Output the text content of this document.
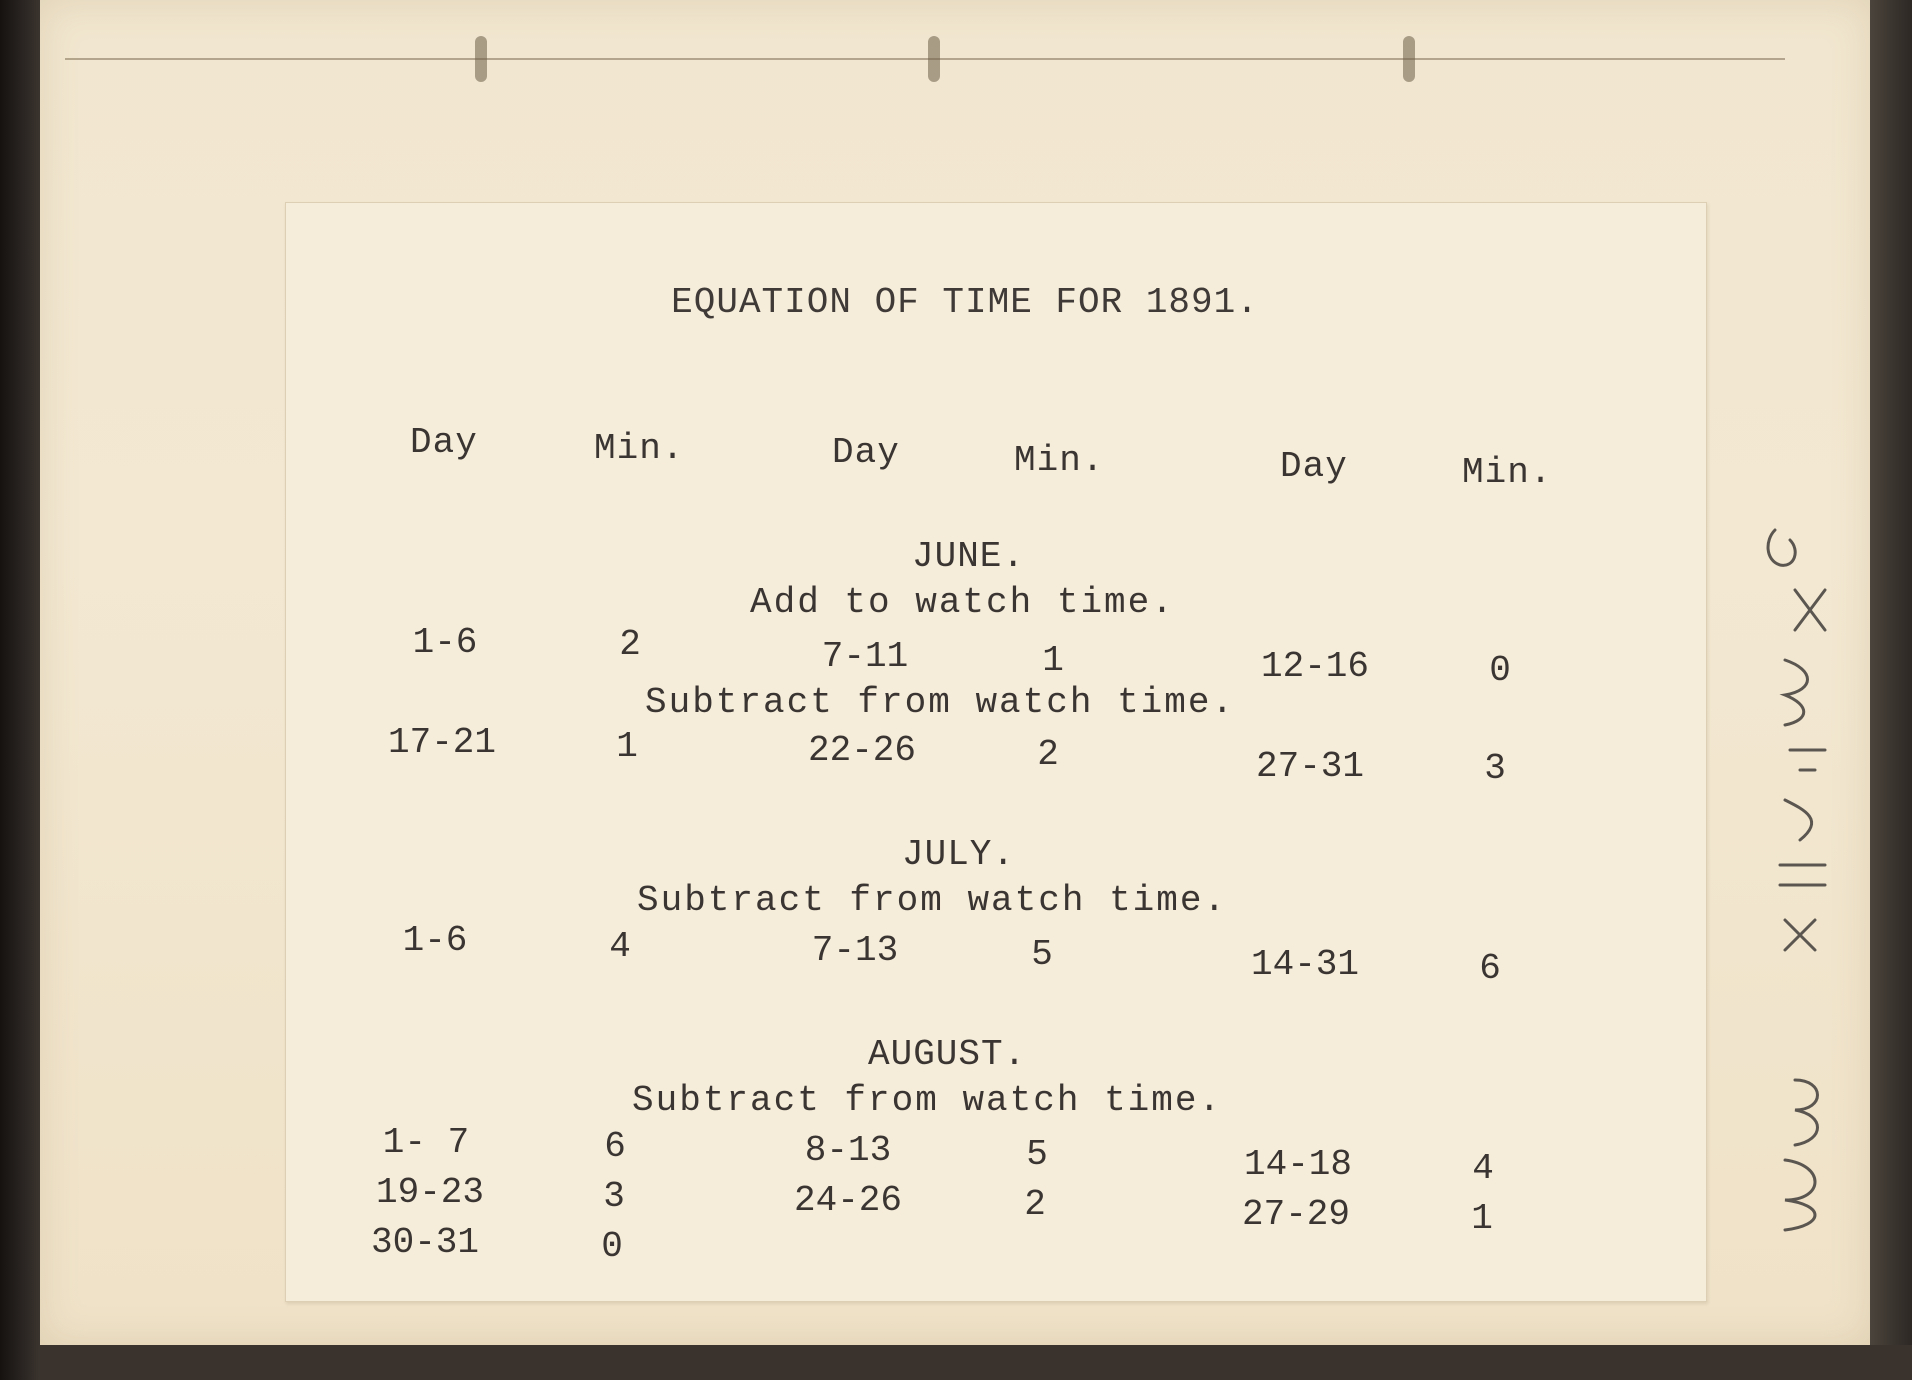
EQUATION OF TIME FOR 1891.
Day	Min.	Day	Min.	Day	Min.
JUNE.
Add to watch time.
1-6	2	7-11	1	12-16	0
Subtract from watch time.
17-21	1	22-26	2	27-31	3
JULY.
Subtract from watch time.
1-6	4	7-13	5	14-31	6
AUGUST.
Subtract from watch time.
1- 7	6	8-13	5	14-18	4
19-23	3	24-26	2	27-29	1
30-31	0
